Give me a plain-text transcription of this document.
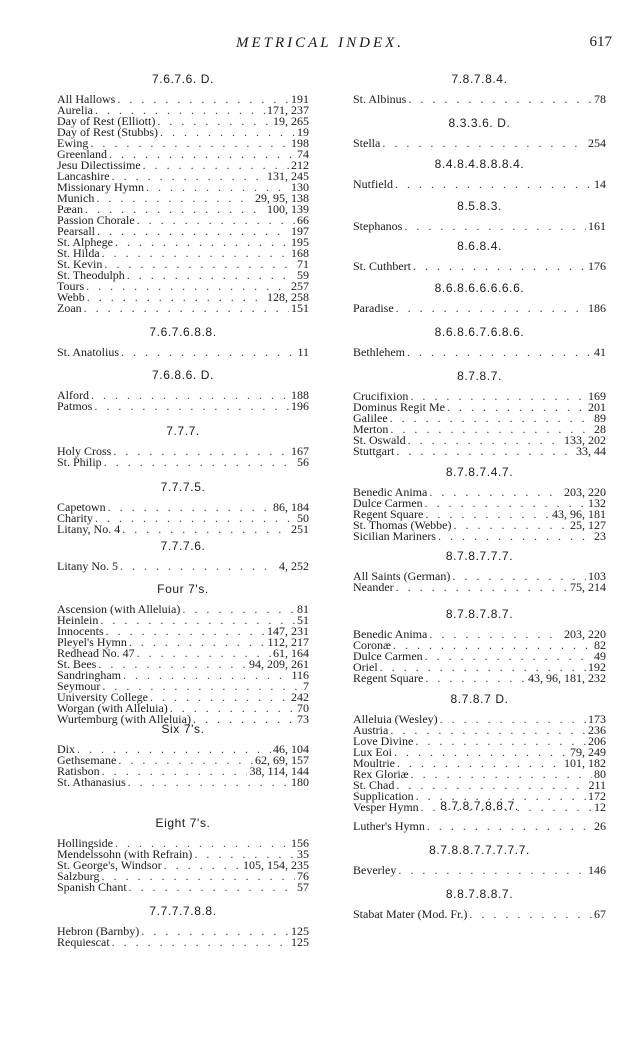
METRICAL INDEX.	617
7.6.7.6. D.
All Hallows . . .	191
Aurelia . . .	171, 237
Day of Rest (Elliott) . . .	19, 265
Day of Rest (Stubbs) . . .	19
Ewing . . .	198
Greenland . . .	74
Jesu Dilectissime . . .	212
Lancashire . . .	131, 245
Missionary Hymn . . .	130
Munich . . .	29, 95, 138
Pæan . . .	100, 139
Passion Chorale . . .	66
Pearsall . . .	197
St. Alphege . . .	195
St. Hilda . . .	168
St. Kevin . . .	71
St. Theodulph . . .	59
Tours . . .	257
Webb . . .	128, 258
Zoan . . .	151
7.6.7.6.8.8.
St. Anatolius . . .	11
7.6.8.6. D.
Alford . . .	188
Patmos . . .	196
7.7.7.
Holy Cross . . .	167
St. Philip . . .	56
7.7.7.5.
Capetown . . .	86, 184
Charity . . .	50
Litany, No. 4 . . .	251
7.7.7.6.
Litany No. 5 . . .	4, 252
Four 7's.
Ascension (with Alleluia) . . .	81
Heinlein . . .	51
Innocents . . .	147, 231
Pleyel's Hymn . . .	112, 217
Redhead No. 47 . . .	61, 164
St. Bees . . .	94, 209, 261
Sandringham . . .	116
Seymour . . .	7
University College . . .	242
Worgan (with Alleluia) . . .	70
Wurtemburg (with Alleluia) . . .	73
Six 7's.
Dix . . .	46, 104
Gethsemane . . .	62, 69, 157
Ratisbon . . .	38, 114, 144
St. Athanasius . . .	180
Eight 7's.
Hollingside . . .	156
Mendelssohn (with Refrain) . . .	35
St. George's, Windsor . . .	105, 154, 235
Salzburg . . .	76
Spanish Chant . . .	57
7.7.7.7.8.8.
Hebron (Barnby) . . .	125
Requiescat . . .	125
7.8.7.8.4.
St. Albinus . . .	78
8.3.3.6. D.
Stella . . .	254
8.4.8.4.8.8.8.4.
Nutfield . . .	14
8.5.8.3.
Stephanos . . .	161
8.6.8.4.
St. Cuthbert . . .	176
8.6.8.6.6.6.6.6.
Paradise . . .	186
8.6.8.6.7.6.8.6.
Bethlehem . . .	41
8.7.8.7.
Crucifixion . . .	169
Dominus Regit Me . . .	201
Galilee . . .	89
Merton . . .	28
St. Oswald . . .	133, 202
Stuttgart . . .	33, 44
8.7.8.7.4.7.
Benedic Anima . . .	203, 220
Dulce Carmen . . .	132
Regent Square . . .	43, 96, 181
St. Thomas (Webbe) . . .	25, 127
Sicilian Mariners . . .	23
8.7.8.7.7.7.
All Saints (German) . . .	103
Neander . . .	75, 214
8.7.8.7.8.7.
Benedic Anima . . .	203, 220
Coronæ . . .	82
Dulce Carmen . . .	49
Oriel . . .	192
Regent Square . . .	43, 96, 181, 232
8.7.8.7 D.
Alleluia (Wesley) . . .	173
Austria . . .	236
Love Divine . . .	206
Lux Eoi . . .	79, 249
Moultrie . . .	101, 182
Rex Gloriæ . . .	80
St. Chad . . .	211
Supplication . . .	172
Vesper Hymn . . .	12
8.7.8.7.8.8.7.
Luther's Hymn . . .	26
8.7.8.8.7.7.7.7.7.
Beverley . . .	146
8.8.7.8.8.7.
Stabat Mater (Mod. Fr.) . . .	67
